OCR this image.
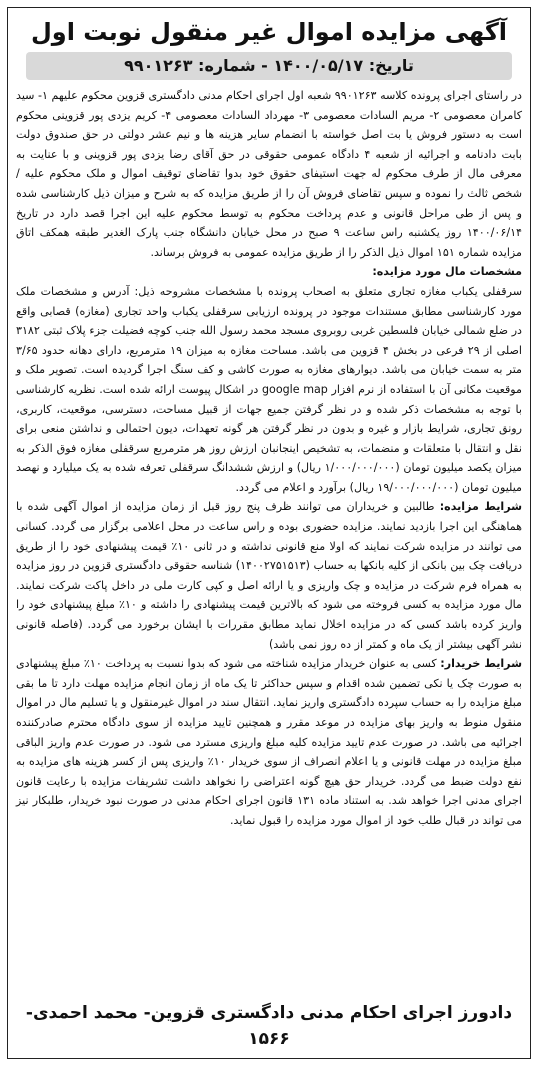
آگهی مزایده اموال غیر منقول نوبت اول
تاریخ: ۱۴۰۰/۰۵/۱۷ - شماره: ۹۹۰۱۲۶۳

در راستای اجرای پرونده کلاسه ۹۹۰۱۲۶۳ شعبه اول اجرای احکام مدنی دادگستری قزوین محکوم علیهم ۱- سید کامران معصومی ۲- مریم السادات معصومی ۳- مهرداد السادات معصومی ۴- کریم یزدی پور قزوینی محکوم است به دستور فروش یا بت اصل خواسته با انضمام سایر هزینه ها و نیم عشر دولتی در حق صندوق دولت بابت دادنامه و اجرائیه از شعبه ۴ دادگاه عمومی حقوقی در حق آقای رضا یزدی پور قزوینی و با عنایت به معرفی مال از طرف محکوم له جهت استیفای حقوق خود بدوا تقاضای توقیف اموال و ملک محکوم علیه / شخص ثالث را نموده و سپس تقاضای فروش آن را از طریق مزایده که به شرح و میزان ذیل کارشناسی شده و پس از طی مراحل قانونی و عدم پرداخت محکوم به توسط محکوم علیه این اجرا قصد دارد در تاریخ ۱۴۰۰/۰۶/۱۴ روز یکشنبه راس ساعت ۹ صبح در محل خیابان دانشگاه جنب پارک الغدیر طبقه همکف اتاق مزایده شماره ۱۵۱ اموال ذیل الذکر را از طریق مزایده عمومی به فروش برساند.

مشخصات مال مورد مزایده:

سرقفلی یکباب مغازه تجاری متعلق به اصحاب پرونده با مشخصات مشروحه ذیل: آدرس و مشخصات ملک مورد کارشناسی مطابق مستندات موجود در پرونده ارزیابی سرقفلی یکباب واحد تجاری (مغازه) قصابی واقع در ضلع شمالی خیابان فلسطین غربی روبروی مسجد محمد رسول الله جنب کوچه فضیلت جزء پلاک ثبتی ۳۱۸۲ اصلی از ۲۹ فرعی در بخش ۴ قزوین می باشد. مساحت مغازه به میزان ۱۹ مترمربع، دارای دهانه حدود ۳/۶۵ متر به سمت خیابان می باشد. دیوارهای مغازه به صورت کاشی و کف سنگ اجرا گردیده است. تصویر ملک و موقعیت مکانی آن با استفاده از نرم افزار google map در اشکال پیوست ارائه شده است. نظریه کارشناسی با توجه به مشخصات ذکر شده و در نظر گرفتن جمیع جهات از قبیل مساحت، دسترسی، موقعیت، کاربری، رونق تجاری، شرایط بازار و غیره و بدون در نظر گرفتن هر گونه تعهدات، دیون احتمالی و نداشتن منعی برای نقل و انتقال با متعلقات و منضمات، به تشخیص اینجانبان ارزش روز هر مترمربع سرقفلی مغازه فوق الذکر به میزان یکصد میلیون تومان (۱/۰۰۰/۰۰۰/۰۰۰ ریال) و ارزش ششدانگ سرقفلی تعرفه شده به یک میلیارد و نهصد میلیون تومان (۱۹/۰۰۰/۰۰۰/۰۰۰ ریال) برآورد و اعلام می گردد.

شرایط مزایده: طالبین و خریداران می توانند ظرف پنج روز قبل از زمان مزایده از اموال آگهی شده با هماهنگی این اجرا بازدید نمایند. مزایده حضوری بوده و راس ساعت در محل اعلامی برگزار می گردد. کسانی می توانند در مزایده شرکت نمایند که اولا منع قانونی نداشته و در ثانی ۱۰٪ قیمت پیشنهادی خود را از طریق دریافت چک بین بانکی از کلیه بانکها به حساب (۱۴۰۰۲۷۵۱۵۱۳) شناسه حقوقی دادگستری قزوین در روز مزایده به همراه فرم شرکت در مزایده و چک واریزی و یا ارائه اصل و کپی کارت ملی در داخل پاکت شرکت نمایند. مال مورد مزایده به کسی فروخته می شود که بالاترین قیمت پیشنهادی را داشته و ۱۰٪ مبلغ پیشنهادی خود را واریز کرده باشد کسی که در مزایده اخلال نماید مطابق مقررات با ایشان برخورد می گردد. (فاصله قانونی نشر آگهی بیشتر از یک ماه و کمتر از ده روز نمی باشد)

شرایط خریدار: کسی به عنوان خریدار مزایده شناخته می شود که بدوا نسبت به پرداخت ۱۰٪ مبلغ پیشنهادی به صورت چک یا نکی تضمین شده اقدام و سپس حداکثر تا یک ماه از زمان انجام مزایده مهلت دارد تا ما بقی مبلغ مزایده را به حساب سپرده دادگستری واریز نماید. انتقال سند در اموال غیرمنقول و یا تسلیم مال در اموال منقول منوط به واریز بهای مزایده در موعد مقرر و همچنین تایید مزایده از سوی دادگاه محترم صادرکننده اجرائیه می باشد. در صورت عدم تایید مزایده کلیه مبلغ واریزی مسترد می شود. در صورت عدم واریز الباقی مبلغ مزایده در مهلت قانونی و یا اعلام انصراف از سوی خریدار ۱۰٪ واریزی پس از کسر هزینه های مزایده به نفع دولت ضبط می گردد. خریدار حق هیچ گونه اعتراضی را نخواهد داشت تشریفات مزایده با رعایت قانون اجرای مدنی اجرا خواهد شد. به استناد ماده ۱۳۱ قانون اجرای احکام مدنی در صورت نبود خریدار، طلبکار نیز می تواند در قبال طلب خود از اموال مورد مزایده را قبول نماید.

دادورز اجرای احکام مدنی دادگستری قزوین- محمد احمدی- ۱۵۶۶
